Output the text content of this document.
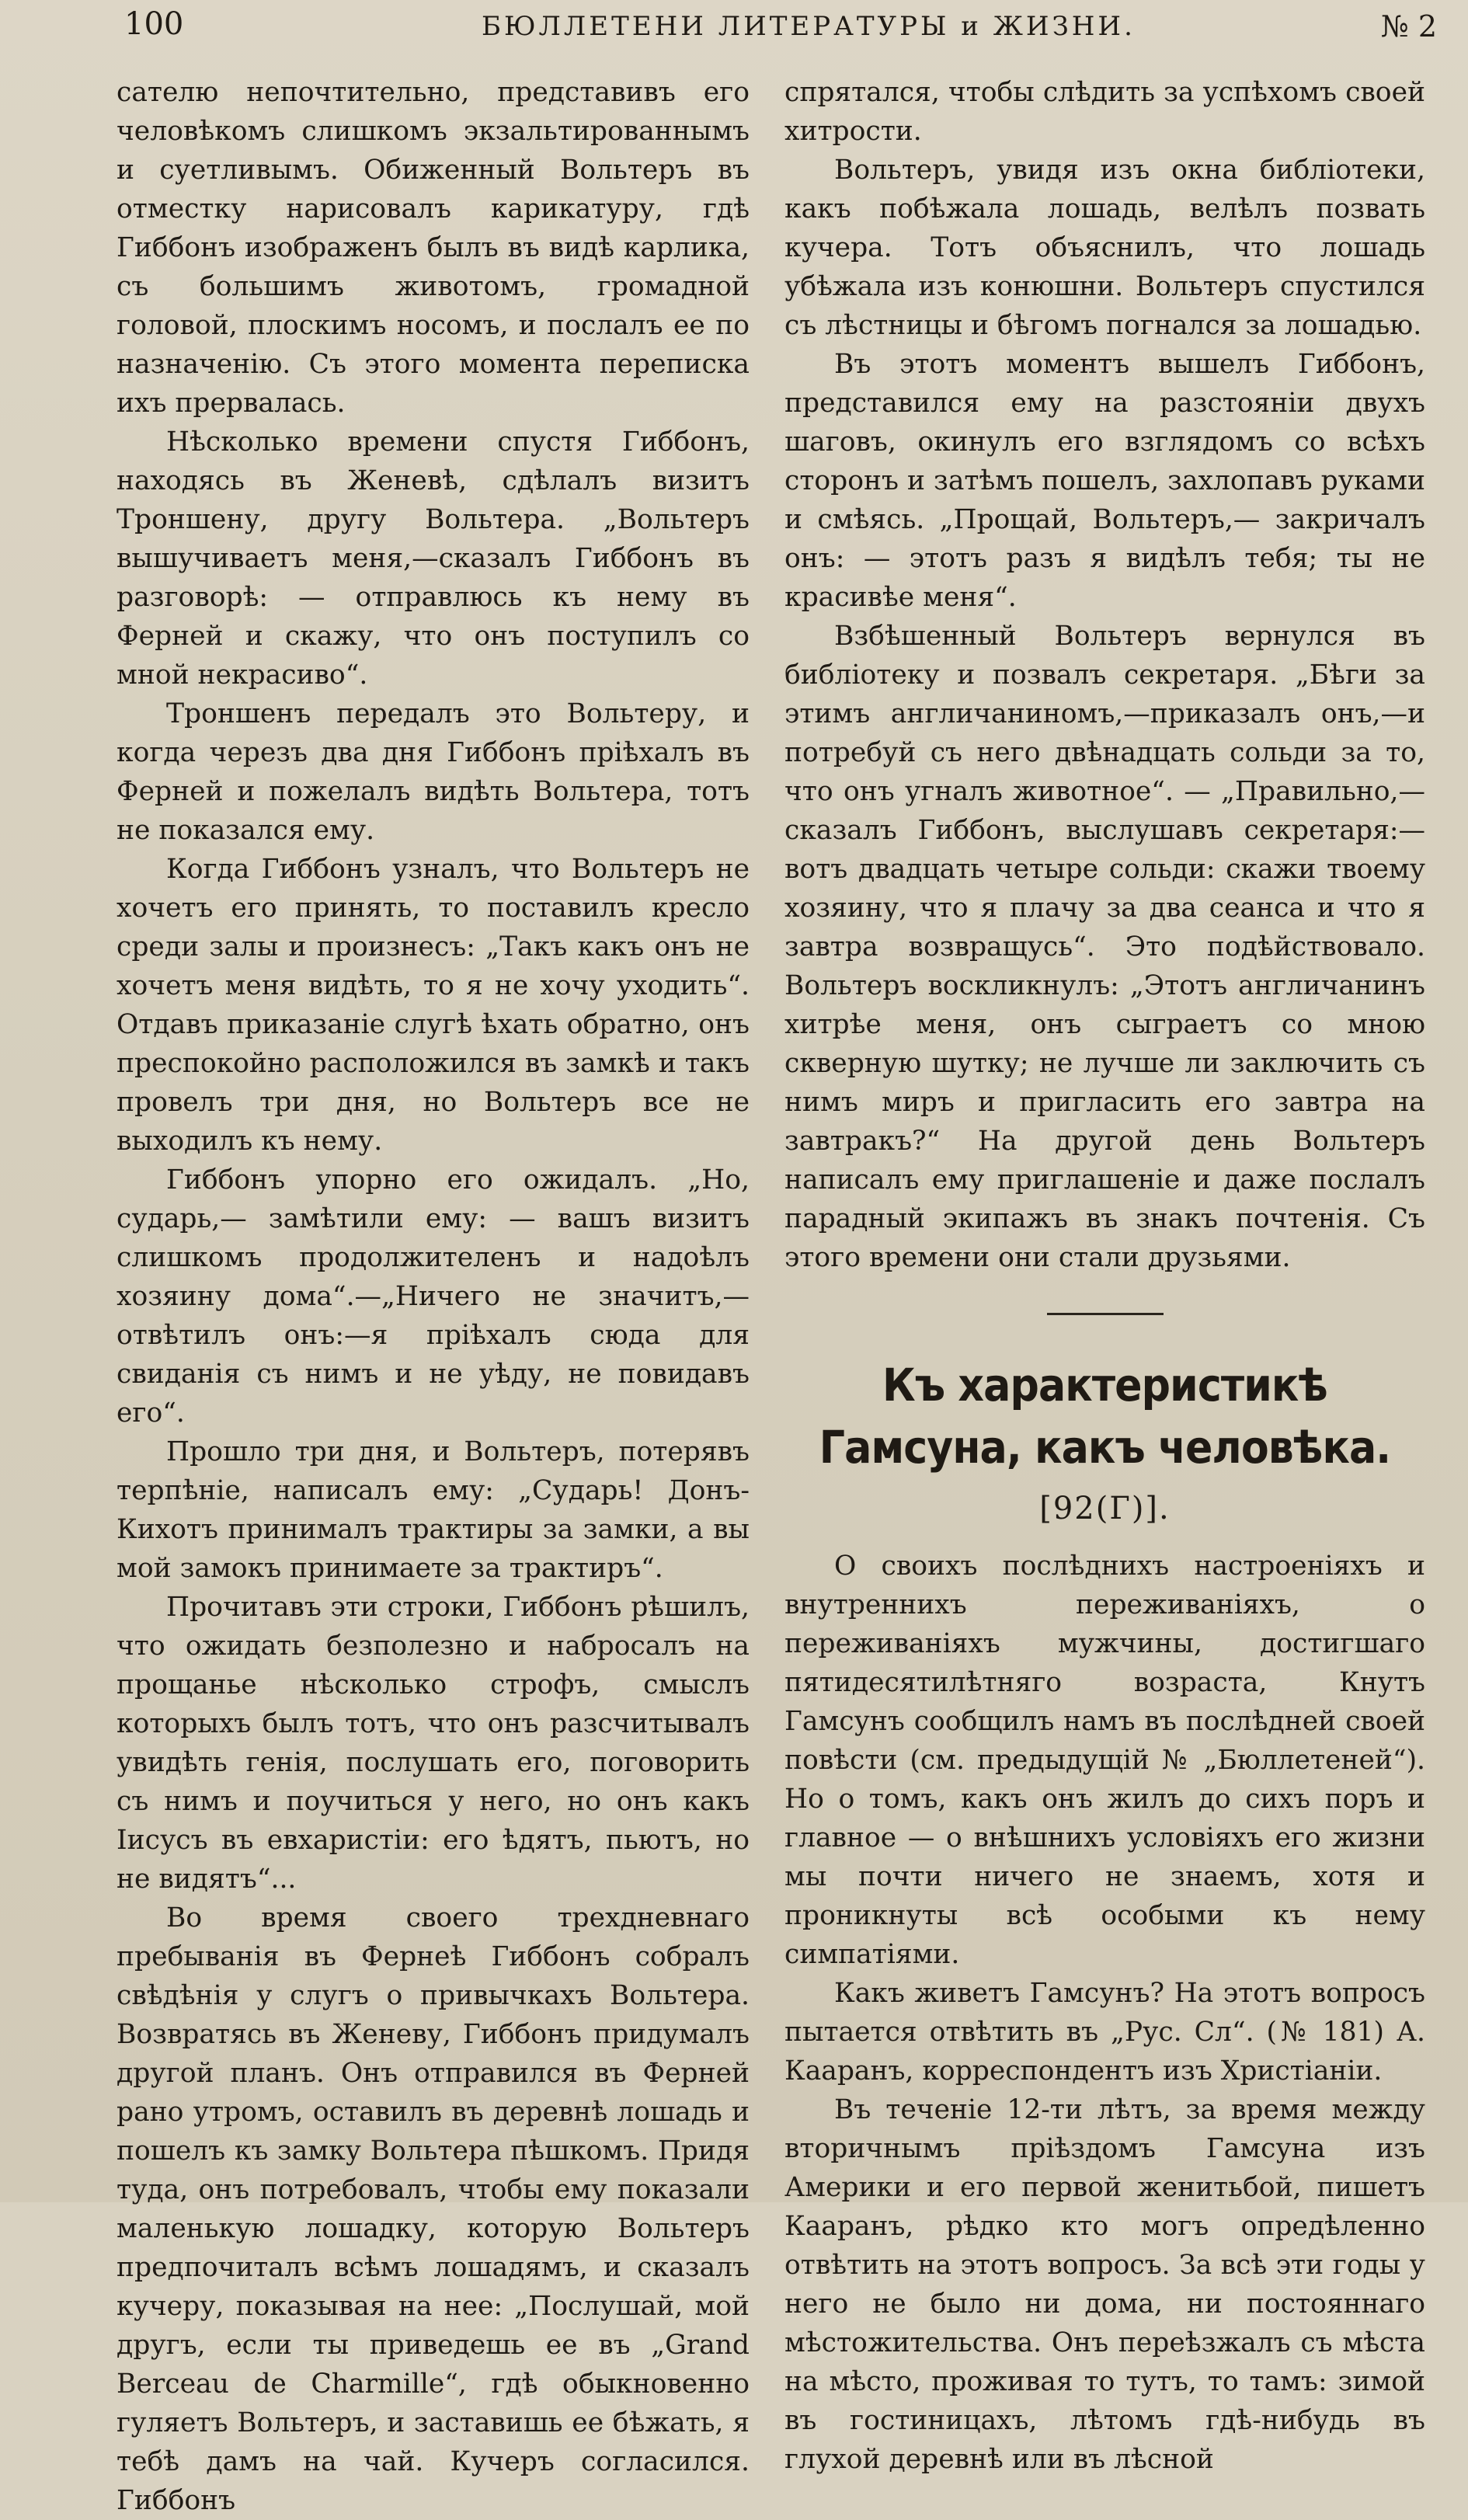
100	БЮЛЛЕТЕНИ ЛИТЕРАТУРЫ и ЖИЗНИ.	№ 2

сателю непочтительно, представивъ его человѣкомъ слишкомъ экзальтированнымъ и суетливымъ. Обиженный Вольтеръ въ отместку нарисовалъ карикатуру, гдѣ Гиббонъ изображенъ былъ въ видѣ карлика, съ большимъ животомъ, громадной головой, плоскимъ носомъ, и послалъ ее по назначенію. Съ этого момента переписка ихъ прервалась.

Нѣсколько времени спустя Гиббонъ, находясь въ Женевѣ, сдѣлалъ визитъ Троншену, другу Вольтера. „Вольтеръ вышучиваетъ меня,—сказалъ Гиббонъ въ разговорѣ: — отправлюсь къ нему въ Ферней и скажу, что онъ поступилъ со мной некрасиво“.

Троншенъ передалъ это Вольтеру, и когда черезъ два дня Гиббонъ пріѣхалъ въ Ферней и пожелалъ видѣть Вольтера, тотъ не показался ему.

Когда Гиббонъ узналъ, что Вольтеръ не хочетъ его принять, то поставилъ кресло среди залы и произнесъ: „Такъ какъ онъ не хочетъ меня видѣть, то я не хочу уходить“. Отдавъ приказаніе слугѣ ѣхать обратно, онъ преспокойно расположился въ замкѣ и такъ провелъ три дня, но Вольтеръ все не выходилъ къ нему.

Гиббонъ упорно его ожидалъ. „Но, сударь,— замѣтили ему: — вашъ визитъ слишкомъ продолжителенъ и надоѣлъ хозяину дома“.—„Ничего не значитъ,—отвѣтилъ онъ:—я пріѣхалъ сюда для свиданія съ нимъ и не уѣду, не повидавъ его“.

Прошло три дня, и Вольтеръ, потерявъ терпѣніе, написалъ ему: „Сударь! Донъ-Кихотъ принималъ трактиры за замки, а вы мой замокъ принимаете за трактиръ“.

Прочитавъ эти строки, Гиббонъ рѣшилъ, что ожидать безполезно и набросалъ на прощанье нѣсколько строфъ, смыслъ которыхъ былъ тотъ, что онъ разсчитывалъ увидѣть генія, послушать его, поговорить съ нимъ и поучиться у него, но онъ какъ Іисусъ въ евхаристіи: его ѣдятъ, пьютъ, но не видятъ“...

Во время своего трехдневнаго пребыванія въ Фернеѣ Гиббонъ собралъ свѣдѣнія у слугъ о привычкахъ Вольтера. Возвратясь въ Женеву, Гиббонъ придумалъ другой планъ. Онъ отправился въ Ферней рано утромъ, оставилъ въ деревнѣ лошадь и пошелъ къ замку Вольтера пѣшкомъ. Придя туда, онъ потребовалъ, чтобы ему показали маленькую лошадку, которую Вольтеръ предпочиталъ всѣмъ лошадямъ, и сказалъ кучеру, показывая на нее: „Послушай, мой другъ, если ты приведешь ее въ „Grand Berceau de Charmille“, гдѣ обыкновенно гуляетъ Вольтеръ, и заставишь ее бѣжать, я тебѣ дамъ на чай. Кучеръ согласился. Гиббонъ

спрятался, чтобы слѣдить за успѣхомъ своей хитрости.

Вольтеръ, увидя изъ окна библіотеки, какъ побѣжала лошадь, велѣлъ позвать кучера. Тотъ объяснилъ, что лошадь убѣжала изъ конюшни. Вольтеръ спустился съ лѣстницы и бѣгомъ погнался за лошадью.

Въ этотъ моментъ вышелъ Гиббонъ, представился ему на разстояніи двухъ шаговъ, окинулъ его взглядомъ со всѣхъ сторонъ и затѣмъ пошелъ, захлопавъ руками и смѣясь. „Прощай, Вольтеръ,— закричалъ онъ: — этотъ разъ я видѣлъ тебя; ты не красивѣе меня“.

Взбѣшенный Вольтеръ вернулся въ библіотеку и позвалъ секретаря. „Бѣги за этимъ англичаниномъ,—приказалъ онъ,—и потребуй съ него двѣнадцать сольди за то, что онъ угналъ животное“. — „Правильно,— сказалъ Гиббонъ, выслушавъ секретаря:— вотъ двадцать четыре сольди: скажи твоему хозяину, что я плачу за два сеанса и что я завтра возвращусь“. Это подѣйствовало. Вольтеръ воскликнулъ: „Этотъ англичанинъ хитрѣе меня, онъ сыграетъ со мною скверную шутку; не лучше ли заключить съ нимъ миръ и пригласить его завтра на завтракъ?“ На другой день Вольтеръ написалъ ему приглашеніе и даже послалъ парадный экипажъ въ знакъ почтенія. Съ этого времени они стали друзьями.

Къ характеристикѣ Гамсуна, какъ человѣка.
[92(Г)].

О своихъ послѣднихъ настроеніяхъ и внутреннихъ переживаніяхъ, о переживаніяхъ мужчины, достигшаго пятидесятилѣтняго возраста, Кнутъ Гамсунъ сообщилъ намъ въ послѣдней своей повѣсти (см. предыдущій № „Бюллетеней“). Но о томъ, какъ онъ жилъ до сихъ поръ и главное — о внѣшнихъ условіяхъ его жизни мы почти ничего не знаемъ, хотя и проникнуты всѣ особыми къ нему симпатіями.

Какъ живетъ Гамсунъ? На этотъ вопросъ пытается отвѣтить въ „Рус. Сл“. (№ 181) А. Кааранъ, корреспондентъ изъ Христіаніи.

Въ теченіе 12-ти лѣтъ, за время между вторичнымъ пріѣздомъ Гамсуна изъ Америки и его первой женитьбой, пишетъ Кааранъ, рѣдко кто могъ опредѣленно отвѣтить на этотъ вопросъ. За всѣ эти годы у него не было ни дома, ни постояннаго мѣстожительства. Онъ переѣзжалъ съ мѣста на мѣсто, проживая то тутъ, то тамъ: зимой въ гостиницахъ, лѣтомъ гдѣ-нибудь въ глухой деревнѣ или въ лѣсной
